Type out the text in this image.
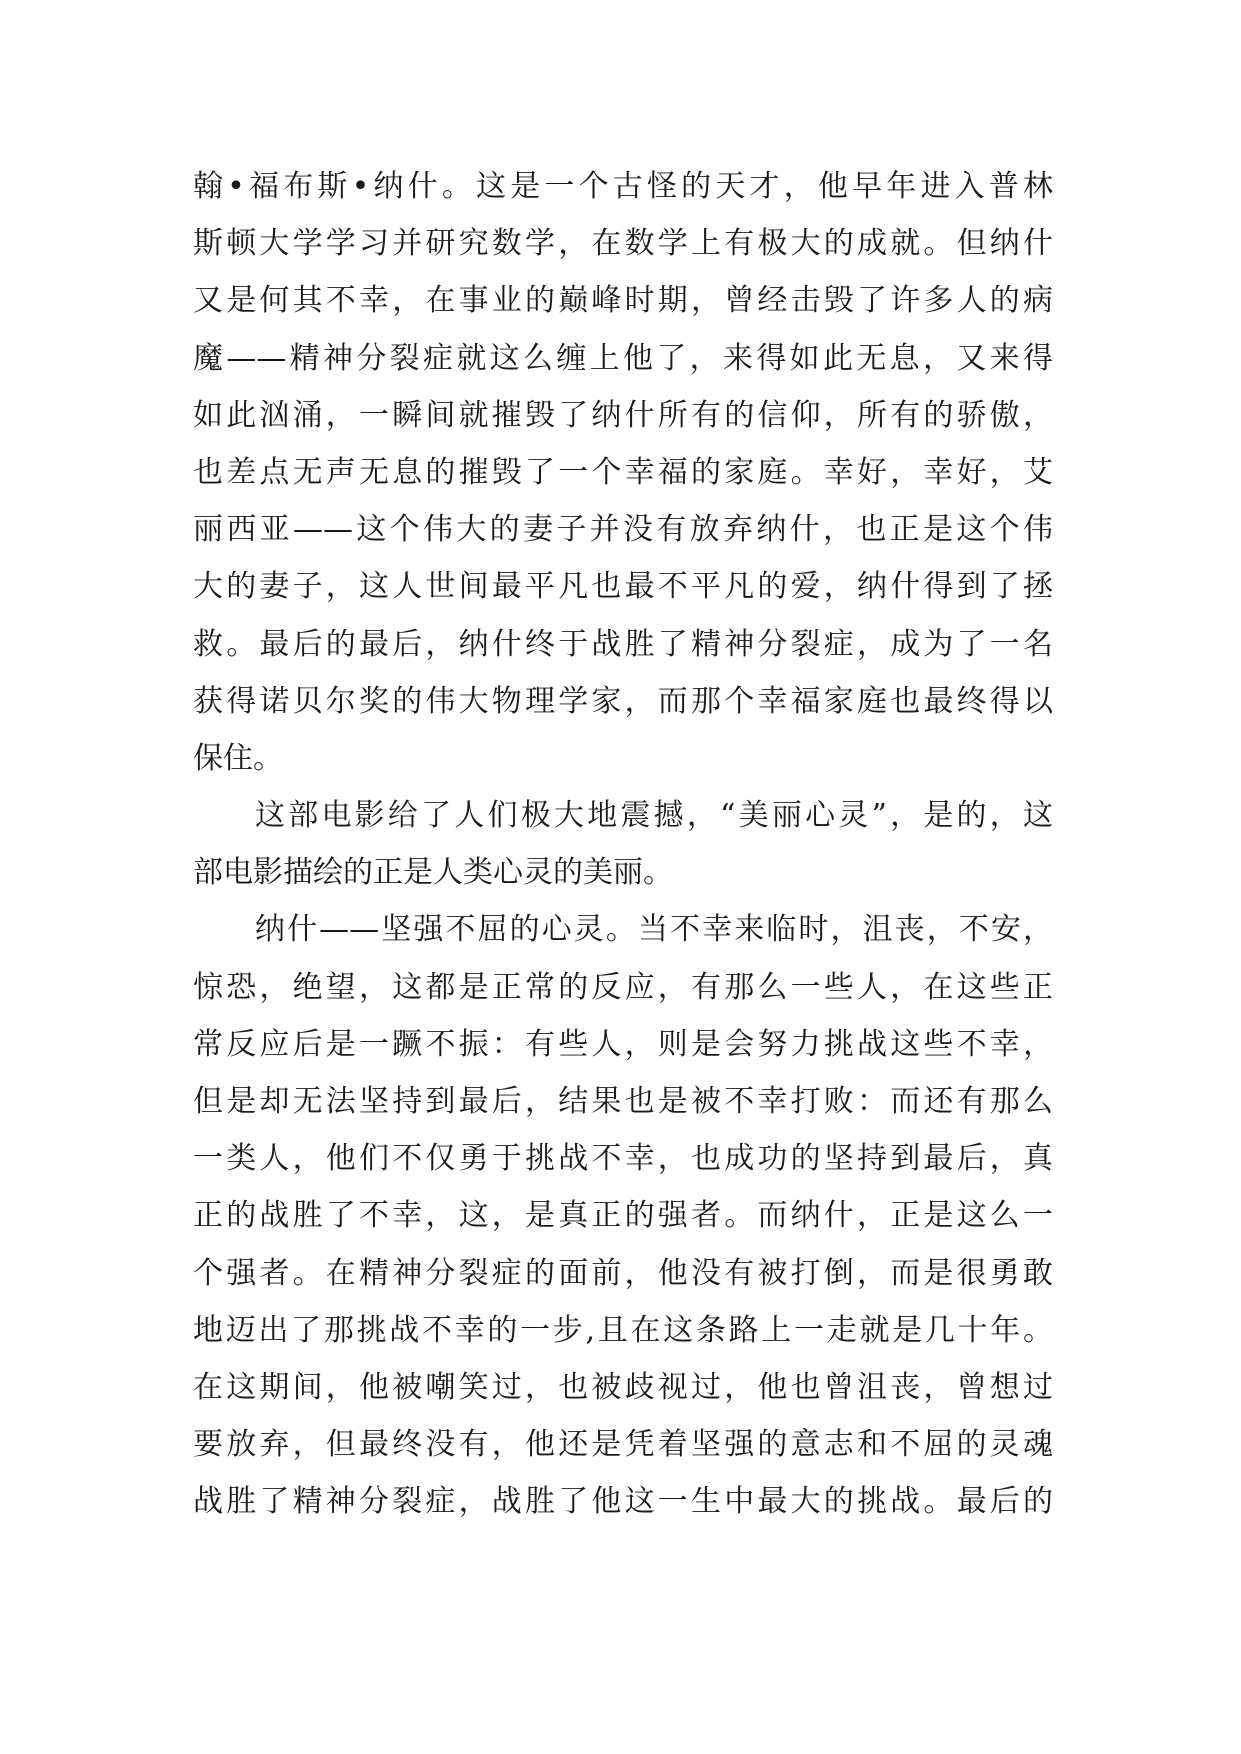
翰•福布斯•纳什。这是一个古怪的天才，他早年进入普林
斯顿大学学习并研究数学，在数学上有极大的成就。但纳什
又是何其不幸，在事业的巅峰时期，曾经击毁了许多人的病
魔——精神分裂症就这么缠上他了，来得如此无息，又来得
如此汹涌，一瞬间就摧毁了纳什所有的信仰，所有的骄傲，
也差点无声无息的摧毁了一个幸福的家庭。幸好，幸好，艾
丽西亚——这个伟大的妻子并没有放弃纳什，也正是这个伟
大的妻子，这人世间最平凡也最不平凡的爱，纳什得到了拯
救。最后的最后，纳什终于战胜了精神分裂症，成为了一名
获得诺贝尔奖的伟大物理学家，而那个幸福家庭也最终得以
保住。
这部电影给了人们极大地震撼，“美丽心灵”，是的，这
部电影描绘的正是人类心灵的美丽。
纳什——坚强不屈的心灵。当不幸来临时，沮丧，不安，
惊恐，绝望，这都是正常的反应，有那么一些人，在这些正
常反应后是一蹶不振：有些人，则是会努力挑战这些不幸，
但是却无法坚持到最后，结果也是被不幸打败：而还有那么
一类人，他们不仅勇于挑战不幸，也成功的坚持到最后，真
正的战胜了不幸，这，是真正的强者。而纳什，正是这么一
个强者。在精神分裂症的面前，他没有被打倒，而是很勇敢
地迈出了那挑战不幸的一步,且在这条路上一走就是几十年。
在这期间，他被嘲笑过，也被歧视过，他也曾沮丧，曾想过
要放弃，但最终没有，他还是凭着坚强的意志和不屈的灵魂
战胜了精神分裂症，战胜了他这一生中最大的挑战。最后的
